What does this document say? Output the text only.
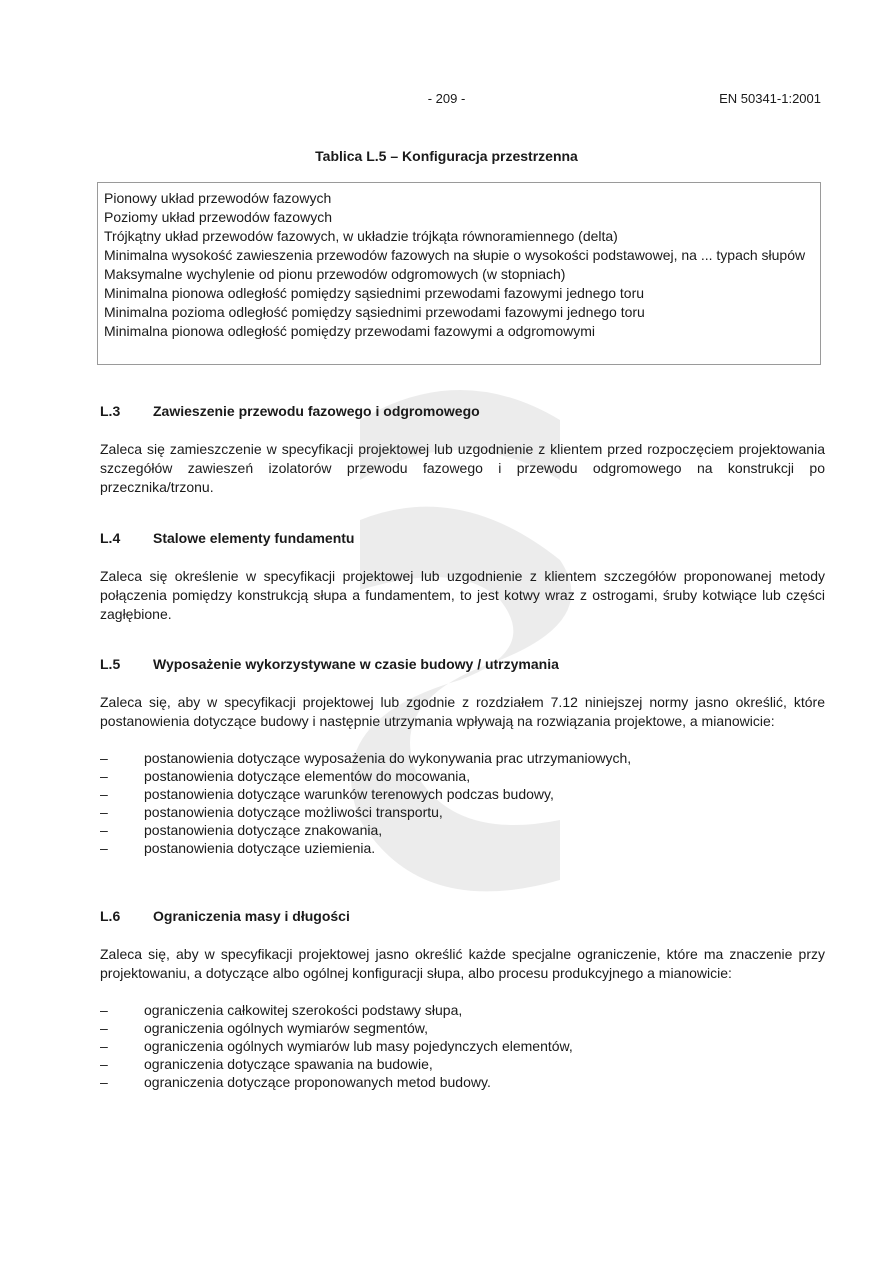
- 209 -	EN 50341-1:2001
Tablica L.5 – Konfiguracja przestrzenna
Pionowy układ przewodów fazowych
Poziomy układ przewodów fazowych
Trójkątny układ przewodów fazowych, w układzie trójkąta równoramiennego (delta)
Minimalna wysokość zawieszenia przewodów fazowych na słupie o wysokości podstawowej, na ... typach słupów
Maksymalne wychylenie od pionu przewodów odgromowych (w stopniach)
Minimalna pionowa odległość pomiędzy sąsiednimi przewodami fazowymi jednego toru
Minimalna pozioma odległość pomiędzy sąsiednimi przewodami fazowymi jednego toru
Minimalna pionowa odległość pomiędzy przewodami fazowymi a odgromowymi
L.3	Zawieszenie przewodu fazowego i odgromowego
Zaleca się zamieszczenie w specyfikacji projektowej lub uzgodnienie z klientem przed rozpoczęciem projektowania szczegółów zawieszeń izolatorów przewodu fazowego i przewodu odgromowego na konstrukcji po przecznika/trzonu.
L.4	Stalowe elementy fundamentu
Zaleca się określenie w specyfikacji projektowej lub uzgodnienie z klientem szczegółów proponowanej metody połączenia pomiędzy konstrukcją słupa a fundamentem, to jest kotwy wraz z ostrogami, śruby kotwiące lub części zagłębione.
L.5	Wyposażenie wykorzystywane w czasie budowy / utrzymania
Zaleca się, aby w specyfikacji projektowej lub zgodnie z rozdziałem 7.12 niniejszej normy jasno określić, które postanowienia dotyczące budowy i następnie utrzymania wpływają na rozwiązania projektowe, a mianowicie:
–	postanowienia dotyczące wyposażenia do wykonywania prac utrzymaniowych,
–	postanowienia dotyczące elementów do mocowania,
–	postanowienia dotyczące warunków terenowych podczas budowy,
–	postanowienia dotyczące możliwości transportu,
–	postanowienia dotyczące znakowania,
–	postanowienia dotyczące uziemienia.
L.6	Ograniczenia masy i długości
Zaleca się, aby w specyfikacji projektowej jasno określić każde specjalne ograniczenie, które ma znaczenie przy projektowaniu, a dotyczące albo ogólnej konfiguracji słupa, albo procesu produkcyjnego a mianowicie:
–	ograniczenia całkowitej szerokości podstawy słupa,
–	ograniczenia ogólnych wymiarów segmentów,
–	ograniczenia ogólnych wymiarów lub masy pojedynczych elementów,
–	ograniczenia dotyczące spawania na budowie,
–	ograniczenia dotyczące proponowanych metod budowy.
